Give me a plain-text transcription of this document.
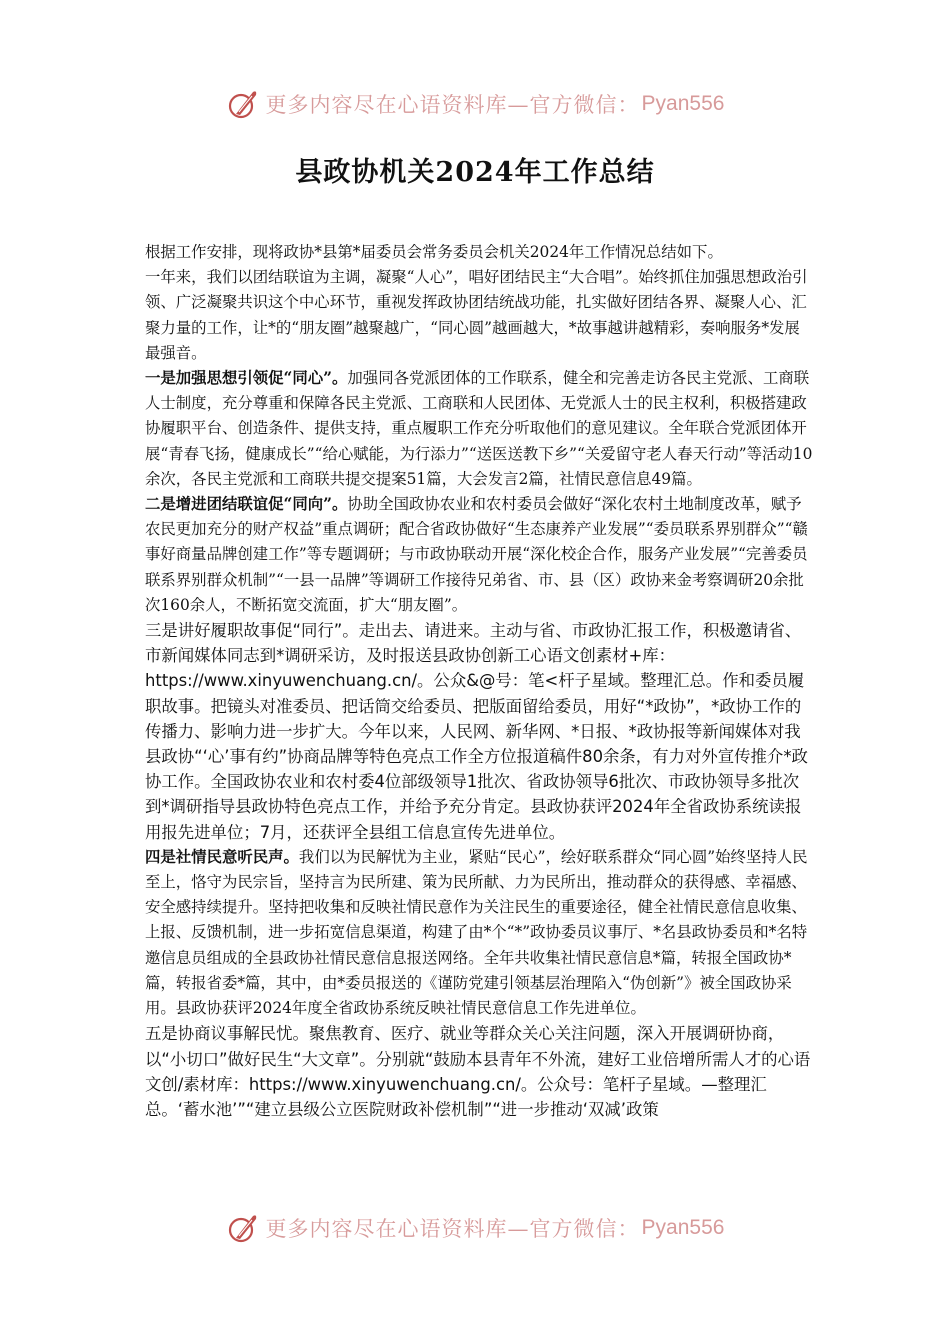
更多内容尽在心语资料库—官方微信： Pyan556
县政协机关2024年工作总结

根据工作安排，现将政协*县第*届委员会常务委员会机关2024年工作情况总结如下。

一年来，我们以团结联谊为主调，凝聚“人心”，唱好团结民主“大合唱”。始终抓住加强思想政治引领、广泛凝聚共识这个中心环节，重视发挥政协团结统战功能，扎实做好团结各界、凝聚人心、汇聚力量的工作，让*的“朋友圈”越聚越广，“同心圆”越画越大，*故事越讲越精彩，奏响服务*发展最强音。

一是加强思想引领促“同心”。加强同各党派团体的工作联系，健全和完善走访各民主党派、工商联人士制度，充分尊重和保障各民主党派、工商联和人民团体、无党派人士的民主权利，积极搭建政协履职平台、创造条件、提供支持，重点履职工作充分听取他们的意见建议。全年联合党派团体开展“青春飞扬，健康成长”“给心赋能，为行添力”“送医送教下乡”“关爱留守老人春天行动”等活动10余次，各民主党派和工商联共提交提案51篇，大会发言2篇，社情民意信息49篇。

二是增进团结联谊促“同向”。协助全国政协农业和农村委员会做好“深化农村土地制度改革，赋予农民更加充分的财产权益”重点调研；配合省政协做好“生态康养产业发展”“委员联系界别群众”“赣事好商量品牌创建工作”等专题调研；与市政协联动开展“深化校企合作，服务产业发展”“完善委员联系界别群众机制”“一县一品牌”等调研工作接待兄弟省、市、县（区）政协来金考察调研20余批次160余人，不断拓宽交流面，扩大“朋友圈”。

三是讲好履职故事促“同行”。走出去、请进来。主动与省、市政协汇报工作，积极邀请省、市新闻媒体同志到*调研采访，及时报送县政协创新工心语文创素材+库：https://www.xinyuwenchuang.cn/。公众&@号：笔<杆子星域。整理汇总。作和委员履职故事。把镜头对准委员、把话筒交给委员、把版面留给委员，用好“*政协”，*政协工作的传播力、影响力进一步扩大。今年以来，人民网、新华网、*日报、*政协报等新闻媒体对我县政协“‘心’事有约”协商品牌等特色亮点工作全方位报道稿件80余条，有力对外宣传推介*政协工作。全国政协农业和农村委4位部级领导1批次、省政协领导6批次、市政协领导多批次到*调研指导县政协特色亮点工作，并给予充分肯定。县政协获评2024年全省政协系统读报用报先进单位；7月，还获评全县组工信息宣传先进单位。

四是社情民意听民声。我们以为民解忧为主业，紧贴“民心”，绘好联系群众“同心圆”始终坚持人民至上，恪守为民宗旨，坚持言为民所建、策为民所献、力为民所出，推动群众的获得感、幸福感、安全感持续提升。坚持把收集和反映社情民意作为关注民生的重要途径，健全社情民意信息收集、上报、反馈机制，进一步拓宽信息渠道，构建了由*个“*”政协委员议事厅、*名县政协委员和*名特邀信息员组成的全县政协社情民意信息报送网络。全年共收集社情民意信息*篇，转报全国政协*篇，转报省委*篇，其中，由*委员报送的《谨防党建引领基层治理陷入“伪创新”》被全国政协采用。县政协获评2024年度全省政协系统反映社情民意信息工作先进单位。

五是协商议事解民忧。聚焦教育、医疗、就业等群众关心关注问题，深入开展调研协商，以“小切口”做好民生“大文章”。分别就“鼓励本县青年不外流，建好工业倍增所需人才的心语文创/素材库：https://www.xinyuwenchuang.cn/。公众号：笔杆子星域。—整理汇总。‘蓄水池’”“建立县级公立医院财政补偿机制”“进一步推动‘双减’政策

更多内容尽在心语资料库—官方微信： Pyan556
